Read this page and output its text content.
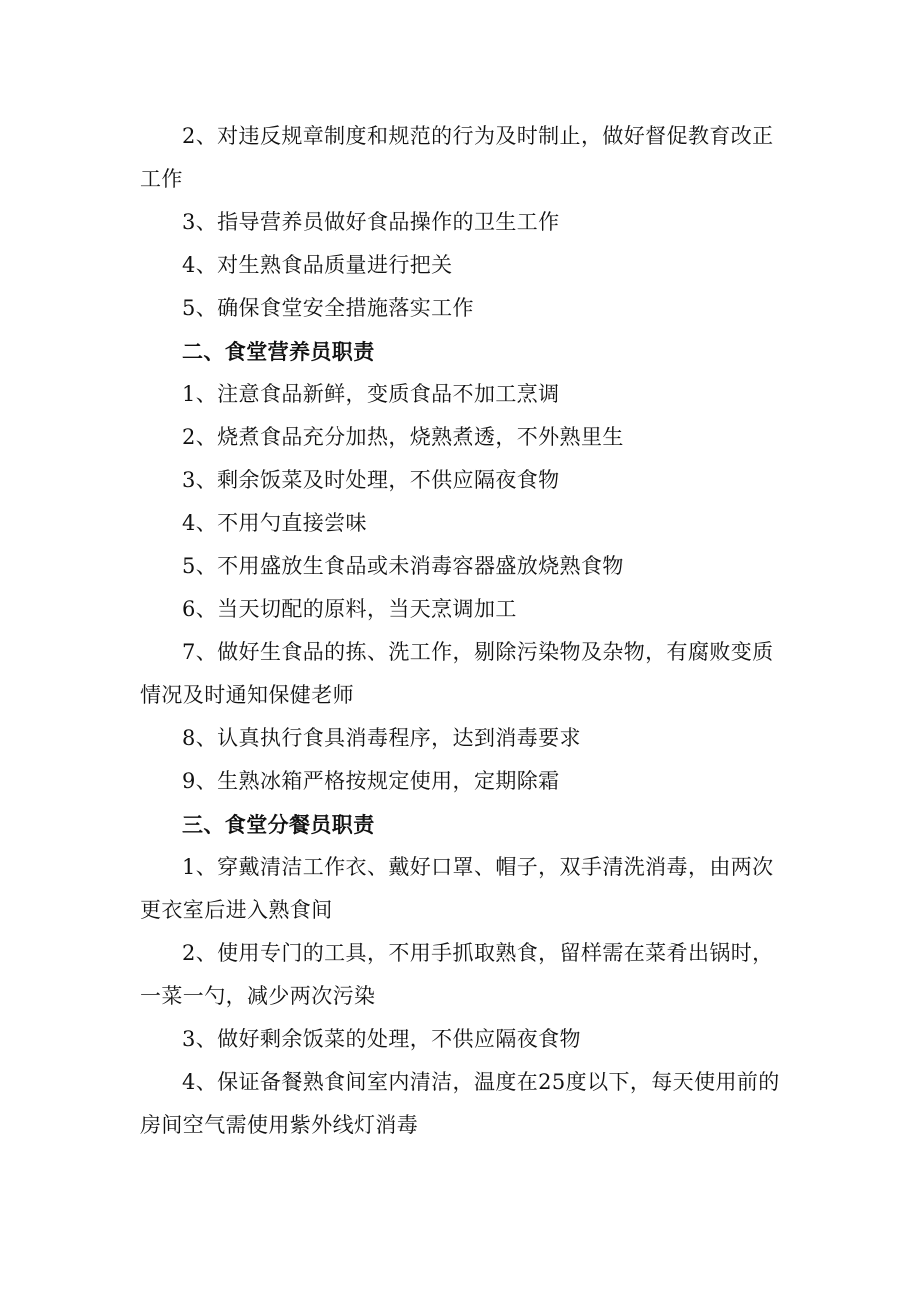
2、对违反规章制度和规范的行为及时制止，做好督促教育改正工作

3、指导营养员做好食品操作的卫生工作

4、对生熟食品质量进行把关

5、确保食堂安全措施落实工作

二、食堂营养员职责

1、注意食品新鲜，变质食品不加工烹调

2、烧煮食品充分加热，烧熟煮透，不外熟里生

3、剩余饭菜及时处理，不供应隔夜食物

4、不用勺直接尝味

5、不用盛放生食品或未消毒容器盛放烧熟食物

6、当天切配的原料，当天烹调加工

7、做好生食品的拣、洗工作，剔除污染物及杂物，有腐败变质情况及时通知保健老师

8、认真执行食具消毒程序，达到消毒要求

9、生熟冰箱严格按规定使用，定期除霜

三、食堂分餐员职责

1、穿戴清洁工作衣、戴好口罩、帽子，双手清洗消毒，由两次更衣室后进入熟食间

2、使用专门的工具，不用手抓取熟食，留样需在菜肴出锅时，一菜一勺，减少两次污染

3、做好剩余饭菜的处理，不供应隔夜食物

4、保证备餐熟食间室内清洁，温度在25度以下，每天使用前的房间空气需使用紫外线灯消毒
